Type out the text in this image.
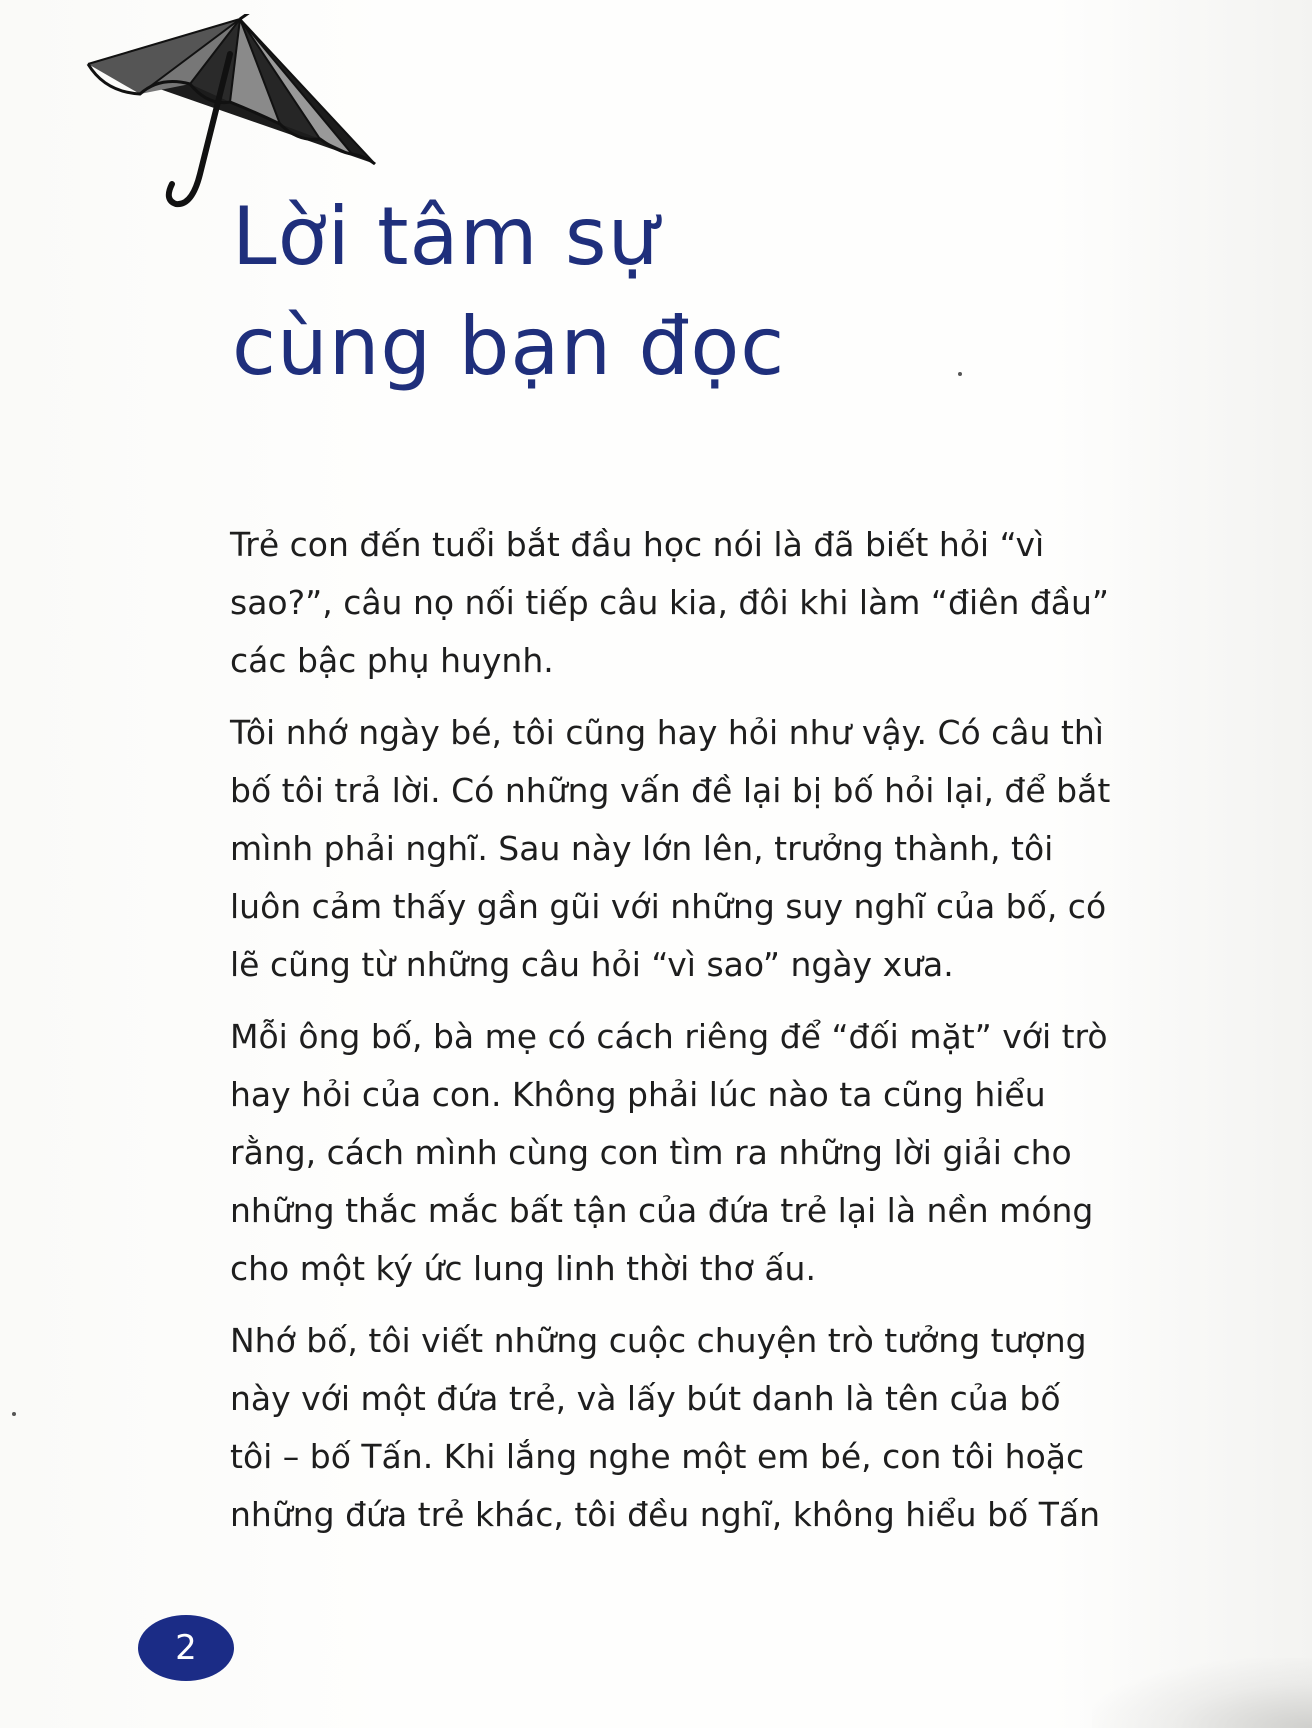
Lời tâm sự
cùng bạn đọc

Trẻ con đến tuổi bắt đầu học nói là đã biết hỏi “vì
sao?”, câu nọ nối tiếp câu kia, đôi khi làm “điên đầu”
các bậc phụ huynh.

Tôi nhớ ngày bé, tôi cũng hay hỏi như vậy. Có câu thì
bố tôi trả lời. Có những vấn đề lại bị bố hỏi lại, để bắt
mình phải nghĩ. Sau này lớn lên, trưởng thành, tôi
luôn cảm thấy gần gũi với những suy nghĩ của bố, có
lẽ cũng từ những câu hỏi “vì sao” ngày xưa.

Mỗi ông bố, bà mẹ có cách riêng để “đối mặt” với trò
hay hỏi của con. Không phải lúc nào ta cũng hiểu
rằng, cách mình cùng con tìm ra những lời giải cho
những thắc mắc bất tận của đứa trẻ lại là nền móng
cho một ký ức lung linh thời thơ ấu.

Nhớ bố, tôi viết những cuộc chuyện trò tưởng tượng
này với một đứa trẻ, và lấy bút danh là tên của bố
tôi – bố Tấn. Khi lắng nghe một em bé, con tôi hoặc
những đứa trẻ khác, tôi đều nghĩ, không hiểu bố Tấn

2
